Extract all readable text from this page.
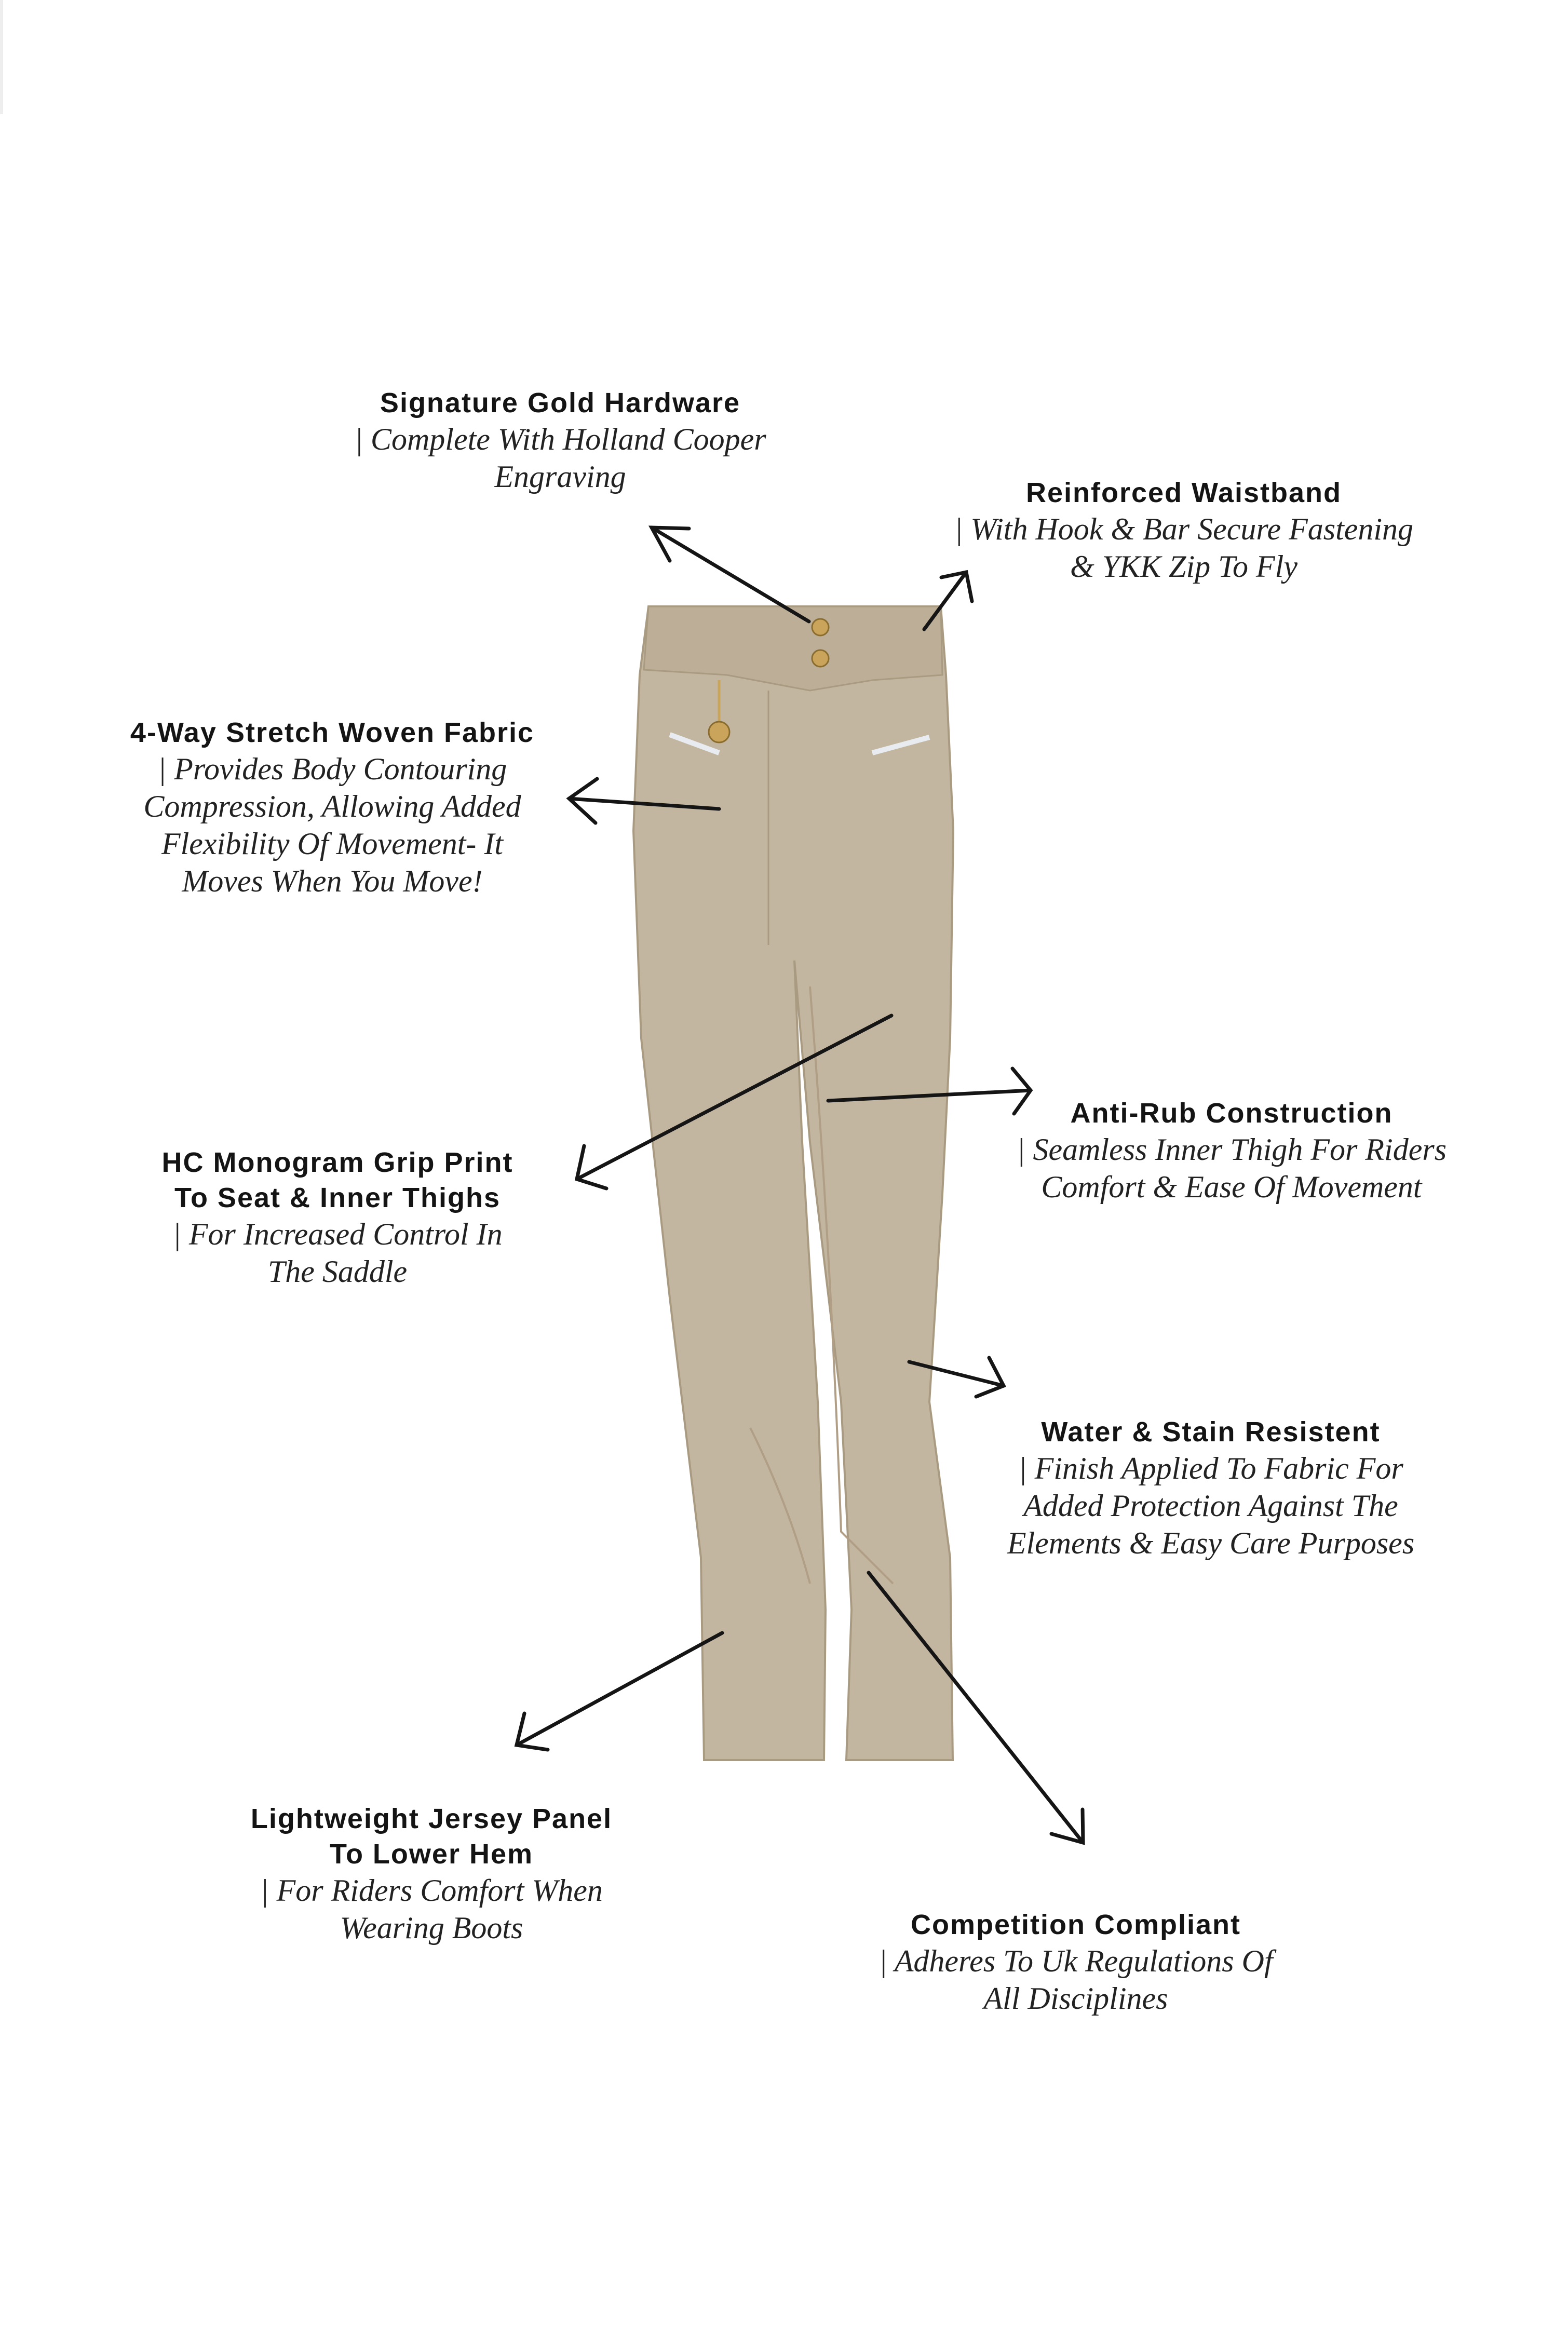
Signature Gold Hardware
| Complete With Holland Cooper
Engraving	Reinforced Waistband
| With Hook & Bar Secure Fastening
& YKK Zip To Fly
4-Way Stretch Woven Fabric
| Provides Body Contouring
Compression, Allowing Added
Flexibility Of Movement- It
Moves When You Move!
HC Monogram Grip Print
To Seat & Inner Thighs
| For Increased Control In
The Saddle
Anti-Rub Construction
| Seamless Inner Thigh For Riders
Comfort & Ease Of Movement
Water & Stain Resistent
| Finish Applied To Fabric For
Added Protection Against The
Elements & Easy Care Purposes
Lightweight Jersey Panel
To Lower Hem
| For Riders Comfort When
Wearing Boots	Competition Compliant
| Adheres To Uk Regulations Of
All Disciplines
